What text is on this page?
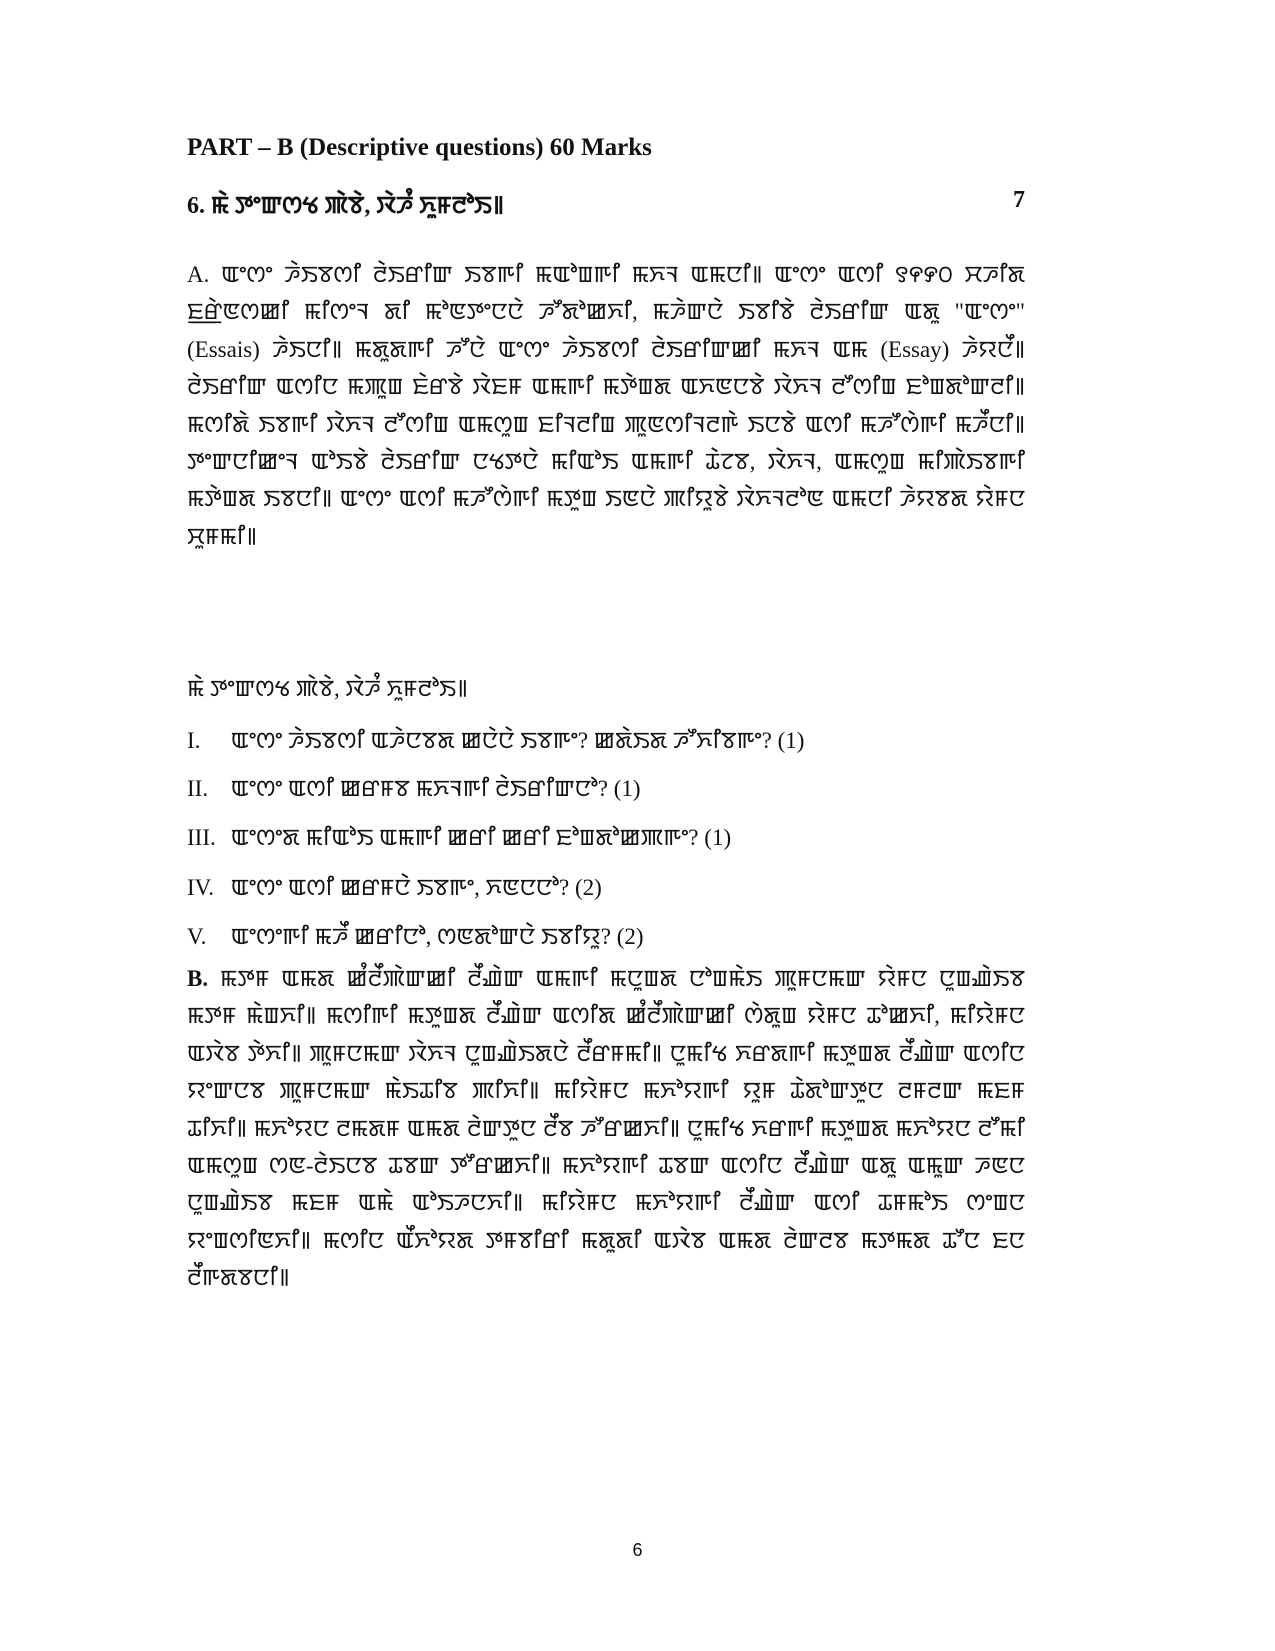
PART – B (Descriptive questions) 60 Marks
6. ꯃꯥ ꯇꯦꯛꯁꯠ ꯄꯥꯕꯥ, ꯋꯥꯍꯪ ꯈꯨꯝꯂꯣꯏ꯫	7
A. ꯑꯦꯁꯦ ꯍꯥꯏꯕꯁꯤ ꯂꯥꯏꯔꯤꯛ ꯏꯕꯒꯤ ꯃꯑꯣꯡꯒꯤ ꯃꯈꯜ ꯑꯃꯅꯤ꯫ ꯑꯦꯁꯦ ꯑꯁꯤ ꯱꯵꯸꯰ ꯆꯍꯤꯗ ꯐ꯭ꯔꯥꯟꯁꯀꯤ ꯃꯤꯁꯦꯜ ꯗꯤ ꯃꯣꯟꯇꯦꯅꯅꯥ ꯍꯧꯗꯣꯀꯈꯤ, ꯃꯍꯥꯛꯅꯥ ꯏꯕꯤꯕꯥ ꯂꯥꯏꯔꯤꯛ ꯑꯗꯨ "ꯑꯦꯁꯦ" (Essais) ꯍꯥꯏꯅꯤ꯫ ꯃꯗꯨꯗꯒꯤ ꯍꯧꯅꯥ ꯑꯦꯁꯦ ꯍꯥꯏꯕꯁꯤ ꯂꯥꯏꯔꯤꯛꯀꯤ ꯃꯈꯜ ꯑꯃ (Essay) ꯍꯥꯌꯅꯩ꯫ ꯂꯥꯏꯔꯤꯛ ꯑꯁꯤꯅ ꯃꯄꯨꯡ ꯐꯥꯔꯕꯥ ꯋꯥꯐꯝ ꯑꯃꯒꯤ ꯃꯇꯥꯡꯗ ꯑꯈꯟꯅꯕꯥ ꯋꯥꯈꯜ ꯂꯧꯁꯤꯡ ꯐꯣꯡꯗꯣꯛꯂꯤ꯫ ꯃꯁꯤꯗꯥ ꯏꯕꯒꯤ ꯋꯥꯈꯜ ꯂꯧꯁꯤꯡ ꯑꯃꯁꯨꯡ ꯐꯤꯜꯂꯤꯡ ꯄꯨꯟꯁꯤꯜꯂꯒꯥ ꯏꯅꯕꯥ ꯑꯁꯤ ꯃꯍꯧꯁꯥꯒꯤ ꯃꯍꯩꯅꯤ꯫ ꯇꯦꯛꯅꯤꯀꯦꯜ ꯑꯣꯏꯕꯥ ꯂꯥꯏꯔꯤꯛ ꯅꯠꯇꯅꯥ ꯃꯤꯑꯣꯏ ꯑꯃꯒꯤ ꯊꯥꯖꯕ, ꯋꯥꯈꯜ, ꯑꯃꯁꯨꯡ ꯃꯤꯄꯥꯏꯕꯒꯤ ꯃꯇꯥꯡꯗ ꯏꯕꯅꯤ꯫ ꯑꯦꯁꯦ ꯑꯁꯤ ꯃꯍꯧꯁꯥꯒꯤ ꯃꯇꯨꯡ ꯏꯟꯅꯥ ꯄꯤꯌꯨꯕꯥ ꯋꯥꯈꯜꯂꯣꯟ ꯑꯃꯅꯤ ꯍꯥꯌꯕꯗ ꯌꯥꯝꯅ ꯆꯨꯝꯃꯤ꯫
ꯃꯥ ꯇꯦꯛꯁꯠ ꯄꯥꯕꯥ, ꯋꯥꯍꯪ ꯈꯨꯝꯂꯣꯏ꯫
I. ꯑꯦꯁꯦ ꯍꯥꯏꯕꯁꯤ ꯑꯍꯥꯅꯕꯗ ꯀꯅꯥꯅꯥ ꯏꯕꯒꯦ? ꯀꯗꯥꯏꯗ ꯍꯧꯈꯤꯕꯒꯦ? (1)
II. ꯑꯦꯁꯦ ꯑꯁꯤ ꯀꯔꯝꯕ ꯃꯈꯜꯒꯤ ꯂꯥꯏꯔꯤꯛꯅꯣ? (1)
III. ꯑꯦꯁꯦꯗ ꯃꯤꯑꯣꯏ ꯑꯃꯒꯤ ꯀꯔꯤ ꯀꯔꯤ ꯐꯣꯡꯗꯣꯀꯄꯒꯦ? (1)
IV. ꯑꯦꯁꯦ ꯑꯁꯤ ꯀꯔꯝꯅꯥ ꯏꯕꯒꯦ, ꯈꯟꯅꯅꯣ? (2)
V. ꯑꯦꯁꯦꯒꯤ ꯃꯍꯩ ꯀꯔꯤꯅꯣ, ꯁꯟꯗꯣꯛꯅꯥ ꯏꯕꯤꯌꯨ? (2)
B. ꯃꯇꯝ ꯑꯃꯗ ꯀꯪꯂꯩꯄꯥꯛꯀꯤ ꯂꯩꯉꯥꯛ ꯑꯃꯒꯤ ꯃꯅꯨꯡꯗ ꯅꯣꯡꯃꯥꯏ ꯄꯨꯝꯅꯃꯛ ꯌꯥꯝꯅ ꯅꯨꯡꯉꯥꯏꯕ ꯃꯇꯝ ꯃꯥꯡꯈꯤ꯫ ꯃꯁꯤꯒꯤ ꯃꯇꯨꯡꯗ ꯂꯩꯉꯥꯛ ꯑꯁꯤꯗ ꯀꯪꯂꯩꯄꯥꯛꯀꯤ ꯁꯥꯗꯨꯡ ꯌꯥꯝꯅ ꯊꯣꯀꯈꯤ, ꯃꯤꯌꯥꯝꯅ ꯑꯋꯥꯕ ꯇꯥꯈꯤ꯫ ꯄꯨꯝꯅꯃꯛ ꯋꯥꯈꯜ ꯅꯨꯡꯉꯥꯏꯗꯅꯥ ꯂꯩꯔꯝꯃꯤ꯫ ꯅꯨꯃꯤꯠ ꯈꯔꯗꯒꯤ ꯃꯇꯨꯡꯗ ꯂꯩꯉꯥꯛ ꯑꯁꯤꯅ ꯌꯦꯛꯅꯕ ꯄꯨꯝꯅꯃꯛ ꯃꯥꯏꯊꯤꯕ ꯄꯤꯈꯤ꯫ ꯃꯤꯌꯥꯝꯅ ꯃꯈꯣꯌꯒꯤ ꯌꯨꯝ ꯊꯥꯗꯣꯛꯇꯨꯅ ꯂꯝꯂꯛ ꯃꯐꯝ ꯊꯤꯈꯤ꯫ ꯃꯈꯣꯌꯅ ꯂꯃꯗꯝ ꯑꯃꯗ ꯂꯥꯛꯇꯨꯅ ꯂꯩꯕ ꯍꯧꯔꯀꯈꯤ꯫ ꯅꯨꯃꯤꯠ ꯈꯔꯒꯤ ꯃꯇꯨꯡꯗ ꯃꯈꯣꯌꯅ ꯂꯧꯃꯤ ꯑꯃꯁꯨꯡ ꯁꯟ-ꯂꯥꯏꯅꯕ ꯊꯕꯛ ꯇꯧꯔꯀꯈꯤ꯫ ꯃꯈꯣꯌꯒꯤ ꯊꯕꯛ ꯑꯁꯤꯅ ꯂꯩꯉꯥꯛ ꯑꯗꯨ ꯑꯃꯨꯛ ꯍꯟꯅ ꯅꯨꯡꯉꯥꯏꯕ ꯃꯐꯝ ꯑꯃꯥ ꯑꯣꯏꯍꯅꯈꯤ꯫ ꯃꯤꯌꯥꯝꯅ ꯃꯈꯣꯌꯒꯤ ꯂꯩꯉꯥꯛ ꯑꯁꯤ ꯊꯝꯃꯣꯏ ꯁꯦꯡꯅ ꯌꯦꯡꯁꯤꯟꯈꯤ꯫ ꯃꯁꯤꯅ ꯑꯩꯈꯣꯌꯗ ꯇꯝꯕꯤꯔꯤ ꯃꯗꯨꯗꯤ ꯑꯋꯥꯕ ꯑꯃꯗ ꯂꯥꯛꯂꯕ ꯃꯇꯃꯗ ꯊꯧꯅ ꯐꯅ ꯂꯩꯒꯗꯕꯅꯤ꯫
6
